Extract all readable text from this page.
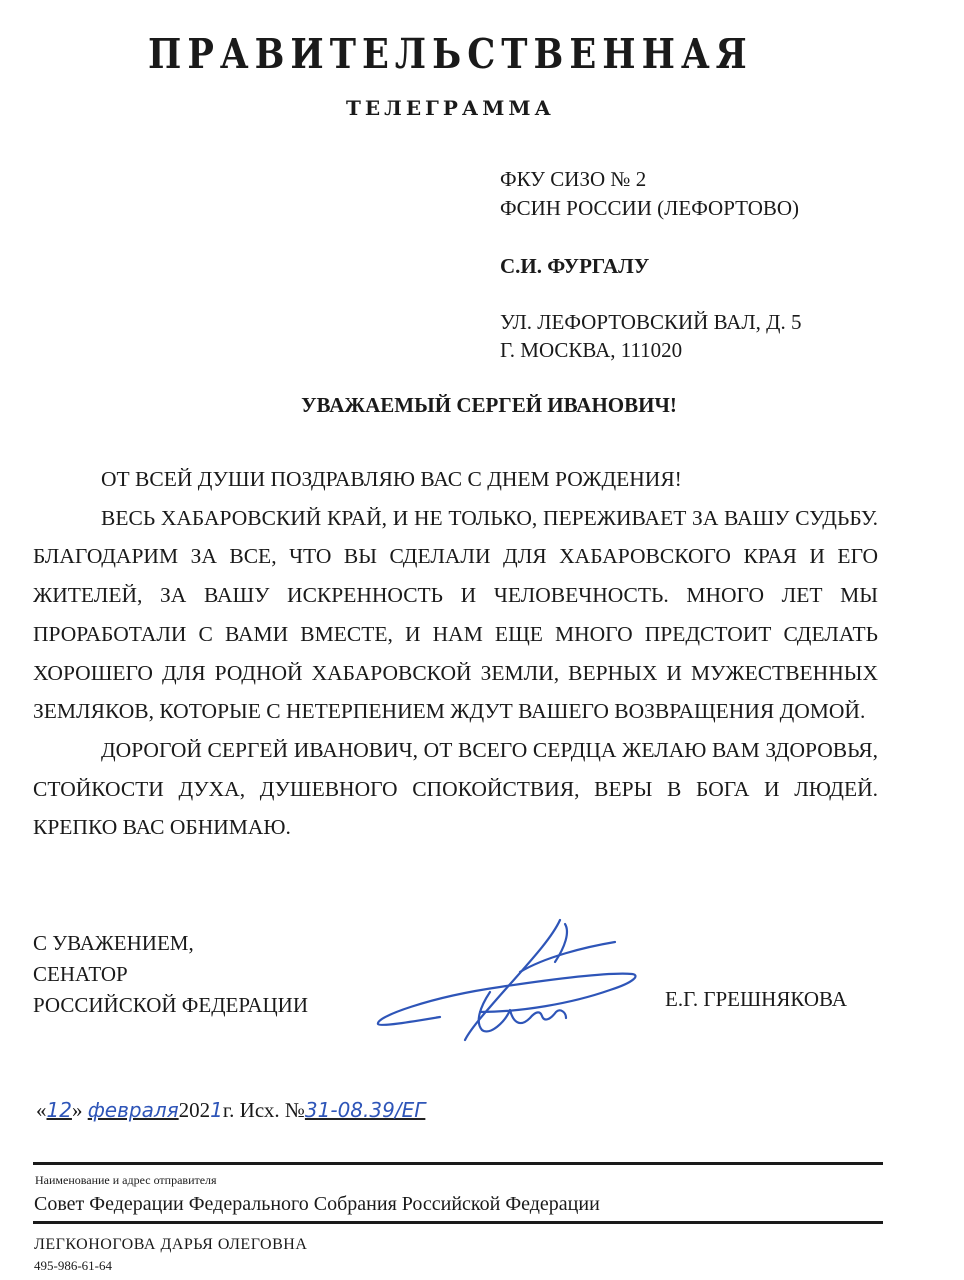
ПРАВИТЕЛЬСТВЕННАЯ
ТЕЛЕГРАММА
ФКУ СИЗО № 2
ФСИН РОССИИ (ЛЕФОРТОВО)
С.И. ФУРГАЛУ
УЛ. ЛЕФОРТОВСКИЙ ВАЛ, Д. 5
Г. МОСКВА, 111020
УВАЖАЕМЫЙ СЕРГЕЙ ИВАНОВИЧ!

ОТ ВСЕЙ ДУШИ ПОЗДРАВЛЯЮ ВАС С ДНЕМ РОЖДЕНИЯ!

ВЕСЬ ХАБАРОВСКИЙ КРАЙ, И НЕ ТОЛЬКО, ПЕРЕЖИВАЕТ ЗА ВАШУ СУДЬБУ. БЛАГОДАРИМ ЗА ВСЕ, ЧТО ВЫ СДЕЛАЛИ ДЛЯ ХАБАРОВСКОГО КРАЯ И ЕГО ЖИТЕЛЕЙ, ЗА ВАШУ ИСКРЕННОСТЬ И ЧЕЛОВЕЧНОСТЬ. МНОГО ЛЕТ МЫ ПРОРАБОТАЛИ С ВАМИ ВМЕСТЕ, И НАМ ЕЩЕ МНОГО ПРЕДСТОИТ СДЕЛАТЬ ХОРОШЕГО ДЛЯ РОДНОЙ ХАБАРОВСКОЙ ЗЕМЛИ, ВЕРНЫХ И МУЖЕСТВЕННЫХ ЗЕМЛЯКОВ, КОТОРЫЕ С НЕТЕРПЕНИЕМ ЖДУТ ВАШЕГО ВОЗВРАЩЕНИЯ ДОМОЙ.

ДОРОГОЙ СЕРГЕЙ ИВАНОВИЧ, ОТ ВСЕГО СЕРДЦА ЖЕЛАЮ ВАМ ЗДОРОВЬЯ, СТОЙКОСТИ ДУХА, ДУШЕВНОГО СПОКОЙСТВИЯ, ВЕРЫ В БОГА И ЛЮДЕЙ. КРЕПКО ВАС ОБНИМАЮ.

С УВАЖЕНИЕМ,
СЕНАТОР
РОССИЙСКОЙ ФЕДЕРАЦИИ	Е.Г. ГРЕШНЯКОВА
«12» февраля2021г. Исх. №31-08.39/ЕГ
Наименование и адрес отправителя
Совет Федерации Федерального Собрания Российской Федерации
ЛЕГКОНОГОВА ДАРЬЯ ОЛЕГОВНА
495-986-61-64
